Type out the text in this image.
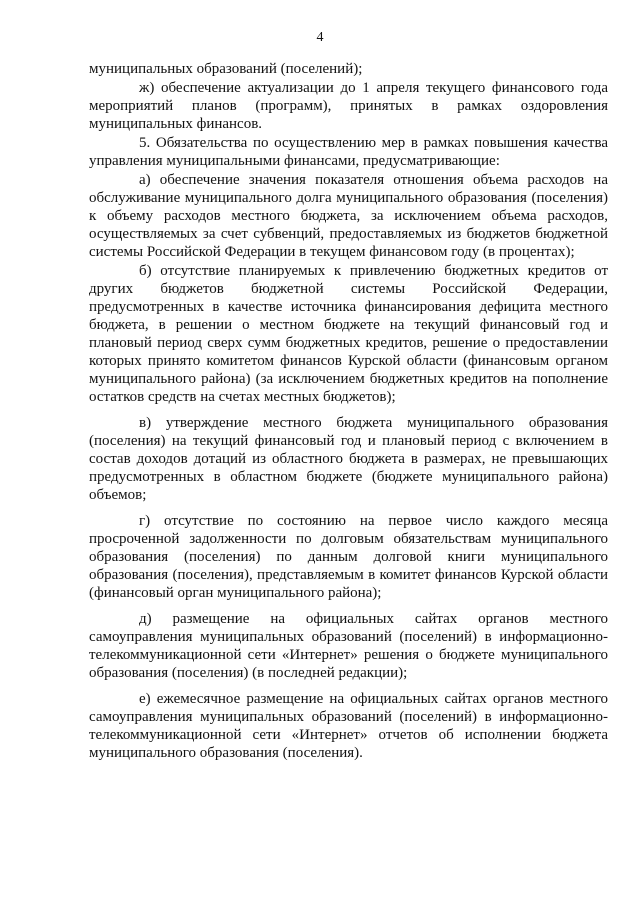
4

муниципальных образований (поселений);

ж) обеспечение актуализации до 1 апреля текущего финансового года мероприятий планов (программ), принятых в рамках оздоровления муниципальных финансов.

5. Обязательства по осуществлению мер в рамках повышения качества управления муниципальными финансами, предусматривающие:

а) обеспечение значения показателя отношения объема расходов на обслуживание муниципального долга муниципального образования (поселения) к объему расходов местного бюджета, за исключением объема расходов, осуществляемых за счет субвенций, предоставляемых из бюджетов бюджетной системы Российской Федерации в текущем финансовом году (в процентах);

б) отсутствие планируемых к привлечению бюджетных кредитов от других бюджетов бюджетной системы Российской Федерации, предусмотренных в качестве источника финансирования дефицита местного бюджета, в решении о местном бюджете на текущий финансовый год и плановый период сверх сумм бюджетных кредитов, решение о предоставлении которых принято комитетом финансов Курской области (финансовым органом муниципального района) (за исключением бюджетных кредитов на пополнение остатков средств на счетах местных бюджетов);

в) утверждение местного бюджета муниципального образования (поселения) на текущий финансовый год и плановый период с включением в состав доходов дотаций из областного бюджета в размерах, не превышающих предусмотренных в областном бюджете (бюджете муниципального района) объемов;

г) отсутствие по состоянию на первое число каждого месяца просроченной задолженности по долговым обязательствам муниципального образования (поселения) по данным долговой книги муниципального образования (поселения), представляемым в комитет финансов Курской области (финансовый орган муниципального района);

д) размещение на официальных сайтах органов местного самоуправления муниципальных образований (поселений) в информационно-телекоммуникационной сети «Интернет» решения о бюджете муниципального образования (поселения) (в последней редакции);

е) ежемесячное размещение на официальных сайтах органов местного самоуправления муниципальных образований (поселений) в информационно-телекоммуникационной сети «Интернет» отчетов об исполнении бюджета муниципального образования (поселения).
